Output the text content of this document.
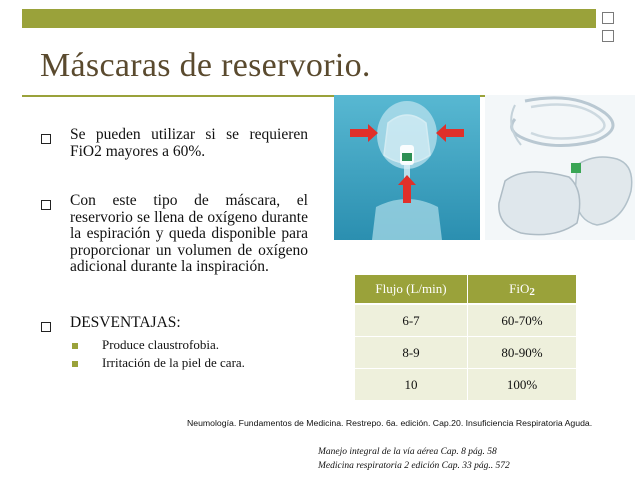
Máscaras de reservorio.

Se pueden utilizar si se requieren FiO2 mayores a 60%.

Con este tipo de máscara, el reservorio se llena de oxígeno durante la espiración y queda disponible para proporcionar un volumen de oxígeno adicional durante la inspiración.

DESVENTAJAS:

Produce claustrofobia.

Irritación de la piel de cara.

Flujo (L/min)	FiO2
6-7	60-70%
8-9	80-90%
10	100%

Neumología. Fundamentos de Medicina. Restrepo. 6a. edición. Cap.20. Insuficiencia Respiratoria Aguda.

Manejo integral de la vía aérea Cap. 8 pág. 58

Medicina respiratoria 2 edición Cap. 33 pág.. 572
